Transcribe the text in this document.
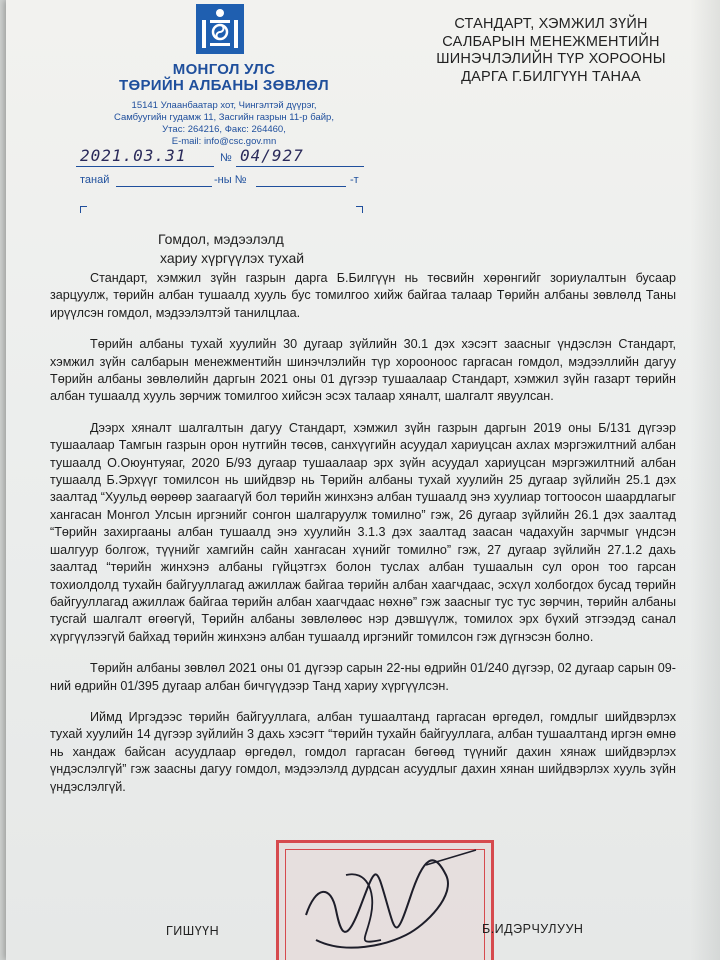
МОНГОЛ УЛС
ТӨРИЙН АЛБАНЫ ЗӨВЛӨЛ
15141 Улаанбаатар хот, Чингэлтэй дүүрэг,
Самбуугийн гудамж 11, Засгийн газрын 11-р байр,
Утас: 264216, Факс: 264460,
E-mail: info@csc.gov.mn
2021.03.31	№ 04/927
танай	-ны №	-т
СТАНДАРТ, ХЭМЖИЛ ЗҮЙН
САЛБАРЫН МЕНЕЖМЕНТИЙН
ШИНЭЧЛЭЛИЙН ТҮР ХОРООНЫ
ДАРГА Г.БИЛГҮҮН ТАНАА
Гомдол, мэдээлэлд
хариу хүргүүлэх тухай

Стандарт, хэмжил зүйн газрын дарга Б.Билгүүн нь төсвийн хөрөнгийг зориулалтын бусаар зарцуулж, төрийн албан тушаалд хууль бус томилгоо хийж байгаа талаар Төрийн албаны зөвлөлд Таны ирүүлсэн гомдол, мэдээлэлтэй танилцлаа.

Төрийн албаны тухай хуулийн 30 дугаар зүйлийн 30.1 дэх хэсэгт заасныг үндэслэн Стандарт, хэмжил зүйн салбарын менежментийн шинэчлэлийн түр хорооноос гаргасан гомдол, мэдээллийн дагуу Төрийн албаны зөвлөлийн даргын 2021 оны 01 дүгээр тушаалаар Стандарт, хэмжил зүйн газарт төрийн албан тушаалд хууль зөрчиж томилгоо хийсэн эсэх талаар хяналт, шалгалт явуулсан.

Дээрх хяналт шалгалтын дагуу Стандарт, хэмжил зүйн газрын даргын 2019 оны Б/131 дүгээр тушаалаар Тамгын газрын орон нутгийн төсөв, санхүүгийн асуудал хариуцсан ахлах мэргэжилтний албан тушаалд О.Оюунтуяаг, 2020 Б/93 дугаар тушаалаар эрх зүйн асуудал хариуцсан мэргэжилтний албан тушаалд Б.Эрхүүг томилсон нь шийдвэр нь Төрийн албаны тухай хуулийн 25 дугаар зүйлийн 25.1 дэх заалтад “Хуульд өөрөөр заагаагүй бол төрийн жинхэнэ албан тушаалд энэ хуулиар тогтоосон шаардлагыг хангасан Монгол Улсын иргэнийг сонгон шалгаруулж томилно” гэж, 26 дугаар зүйлийн 26.1 дэх заалтад “Төрийн захиргааны албан тушаалд энэ хуулийн 3.1.3 дэх заалтад заасан чадахуйн зарчмыг үндсэн шалгуур болгож, түүнийг хамгийн сайн хангасан хүнийг томилно” гэж, 27 дугаар зүйлийн 27.1.2 дахь заалтад “төрийн жинхэнэ албаны гүйцэтгэх болон туслах албан тушаалын сул орон тоо гарсан тохиолдолд тухайн байгууллагад ажиллаж байгаа төрийн албан хаагчдаас, эсхүл холбогдох бусад төрийн байгууллагад ажиллаж байгаа төрийн албан хаагчдаас нөхнө” гэж заасныг тус тус зөрчин, төрийн албаны тусгай шалгалт өгөөгүй, Төрийн албаны зөвлөлөөс нэр дэвшүүлж, томилох эрх бүхий этгээдэд санал хүргүүлээгүй байхад төрийн жинхэнэ албан тушаалд иргэнийг томилсон гэж дүгнэсэн болно.

Төрийн албаны зөвлөл 2021 оны 01 дүгээр сарын 22-ны өдрийн 01/240 дүгээр, 02 дугаар сарын 09-ний өдрийн 01/395 дугаар албан бичгүүдээр Танд хариу хүргүүлсэн.

Иймд Иргэдээс төрийн байгууллага, албан тушаалтанд гаргасан өргөдөл, гомдлыг шийдвэрлэх тухай хуулийн 14 дүгээр зүйлийн 3 дахь хэсэгт “төрийн тухайн байгууллага, албан тушаалтанд иргэн өмнө нь хандаж байсан асуудлаар өргөдөл, гомдол гаргасан бөгөөд түүнийг дахин хянаж шийдвэрлэх үндэслэлгүй” гэж заасны дагуу гомдол, мэдээлэлд дурдсан асуудлыг дахин хянан шийдвэрлэх хууль зүйн үндэслэлгүй.

ГИШҮҮН	Б.ИДЭРЧУЛУУН
